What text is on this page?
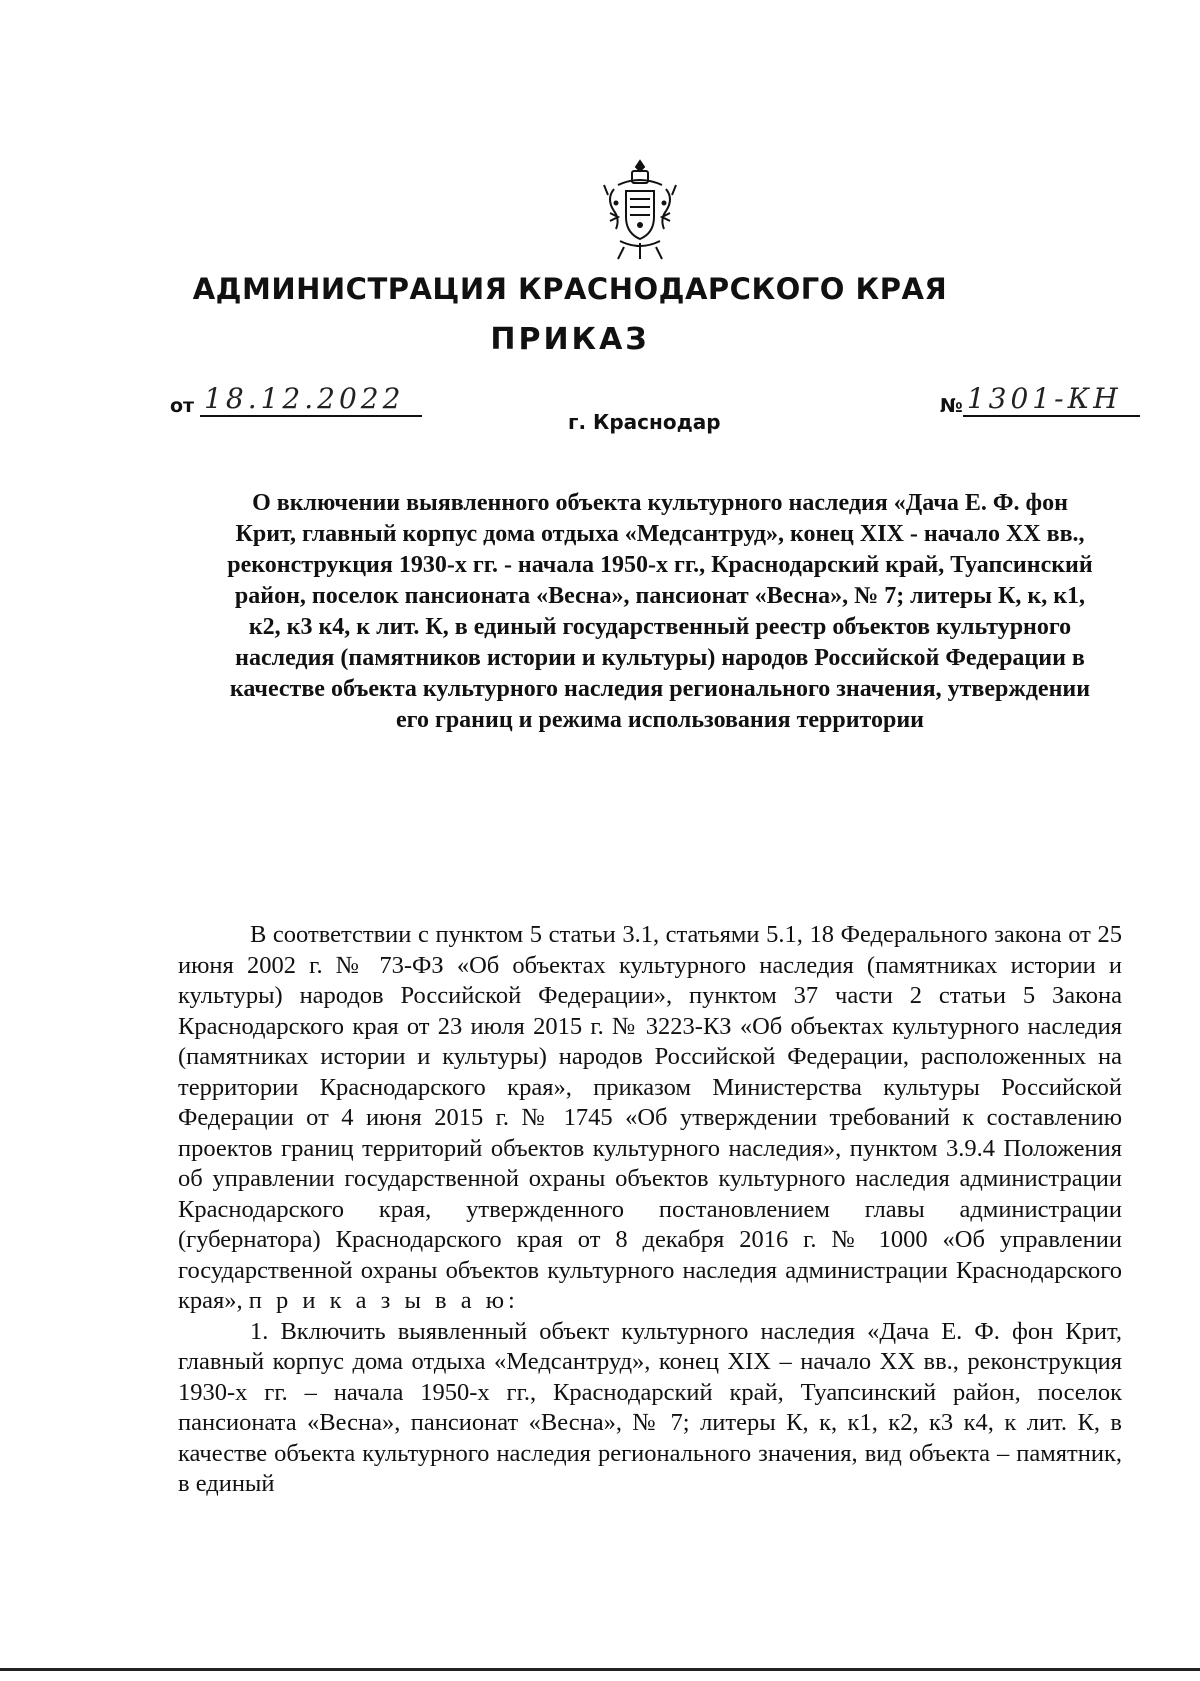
АДМИНИСТРАЦИЯ КРАСНОДАРСКОГО КРАЯ
ПРИКАЗ
от 18.12.2022	№ 1301-КН
г. Краснодар
О включении выявленного объекта культурного наследия «Дача Е. Ф. фон Крит, главный корпус дома отдыха «Медсантруд», конец XIX - начало XX вв., реконструкция 1930-х гг. - начала 1950-х гг., Краснодарский край, Туапсинский район, поселок пансионата «Весна», пансионат «Весна», № 7; литеры К, к, к1, к2, к3 к4, к лит. К, в единый государственный реестр объектов культурного наследия (памятников истории и культуры) народов Российской Федерации в качестве объекта культурного наследия регионального значения, утверждении его границ и режима использования территории

В соответствии с пунктом 5 статьи 3.1, статьями 5.1, 18 Федерального закона от 25 июня 2002 г. № 73-ФЗ «Об объектах культурного наследия (памятниках истории и культуры) народов Российской Федерации», пунктом 37 части 2 статьи 5 Закона Краснодарского края от 23 июля 2015 г. № 3223-КЗ «Об объектах культурного наследия (памятниках истории и культуры) народов Российской Федерации, расположенных на территории Краснодарского края», приказом Министерства культуры Российской Федерации от 4 июня 2015 г. № 1745 «Об утверждении требований к составлению проектов границ территорий объектов культурного наследия», пунктом 3.9.4 Положения об управлении государственной охраны объектов культурного наследия администрации Краснодарского края, утвержденного постановлением главы администрации (губернатора) Краснодарского края от 8 декабря 2016 г. № 1000 «Об управлении государственной охраны объектов культурного наследия администрации Краснодарского края», п р и к а з ы в а ю:

1. Включить выявленный объект культурного наследия «Дача Е. Ф. фон Крит, главный корпус дома отдыха «Медсантруд», конец XIX – начало XX вв., реконструкция 1930-х гг. – начала 1950-х гг., Краснодарский край, Туапсинский район, поселок пансионата «Весна», пансионат «Весна», № 7; литеры К, к, к1, к2, к3 к4, к лит. К, в качестве объекта культурного наследия регионального значения, вид объекта – памятник, в единый
